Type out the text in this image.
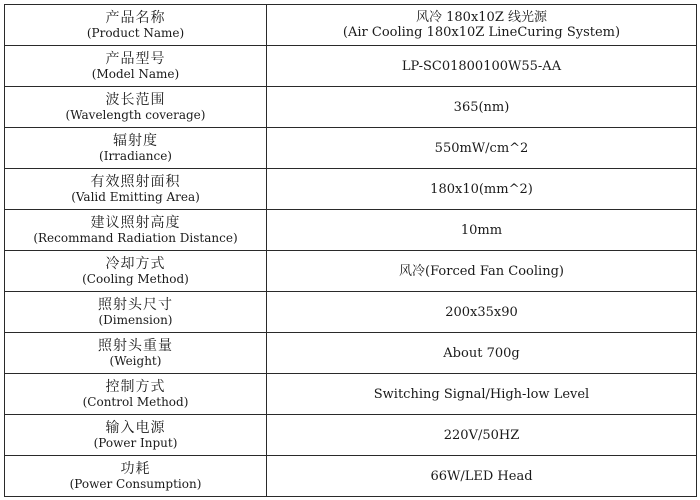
产品名称
(Product Name)	风冷 180x10Z 线光源
(Air Cooling 180x10Z LineCuring System)

产品型号
(Model Name)	LP-SC01800100W55-AA

波长范围
(Wavelength coverage)	365(nm)

辐射度
(Irradiance)	550mW/cm^2

有效照射面积
(Valid Emitting Area)	180x10(mm^2)

建议照射高度
(Recommand Radiation Distance)	10mm

冷却方式
(Cooling Method)	风冷(Forced Fan Cooling)

照射头尺寸
(Dimension)	200x35x90

照射头重量
(Weight)	About 700g

控制方式
(Control Method)	Switching Signal/High-low Level

输入电源
(Power Input)	220V/50HZ

功耗
(Power Consumption)	66W/LED Head
